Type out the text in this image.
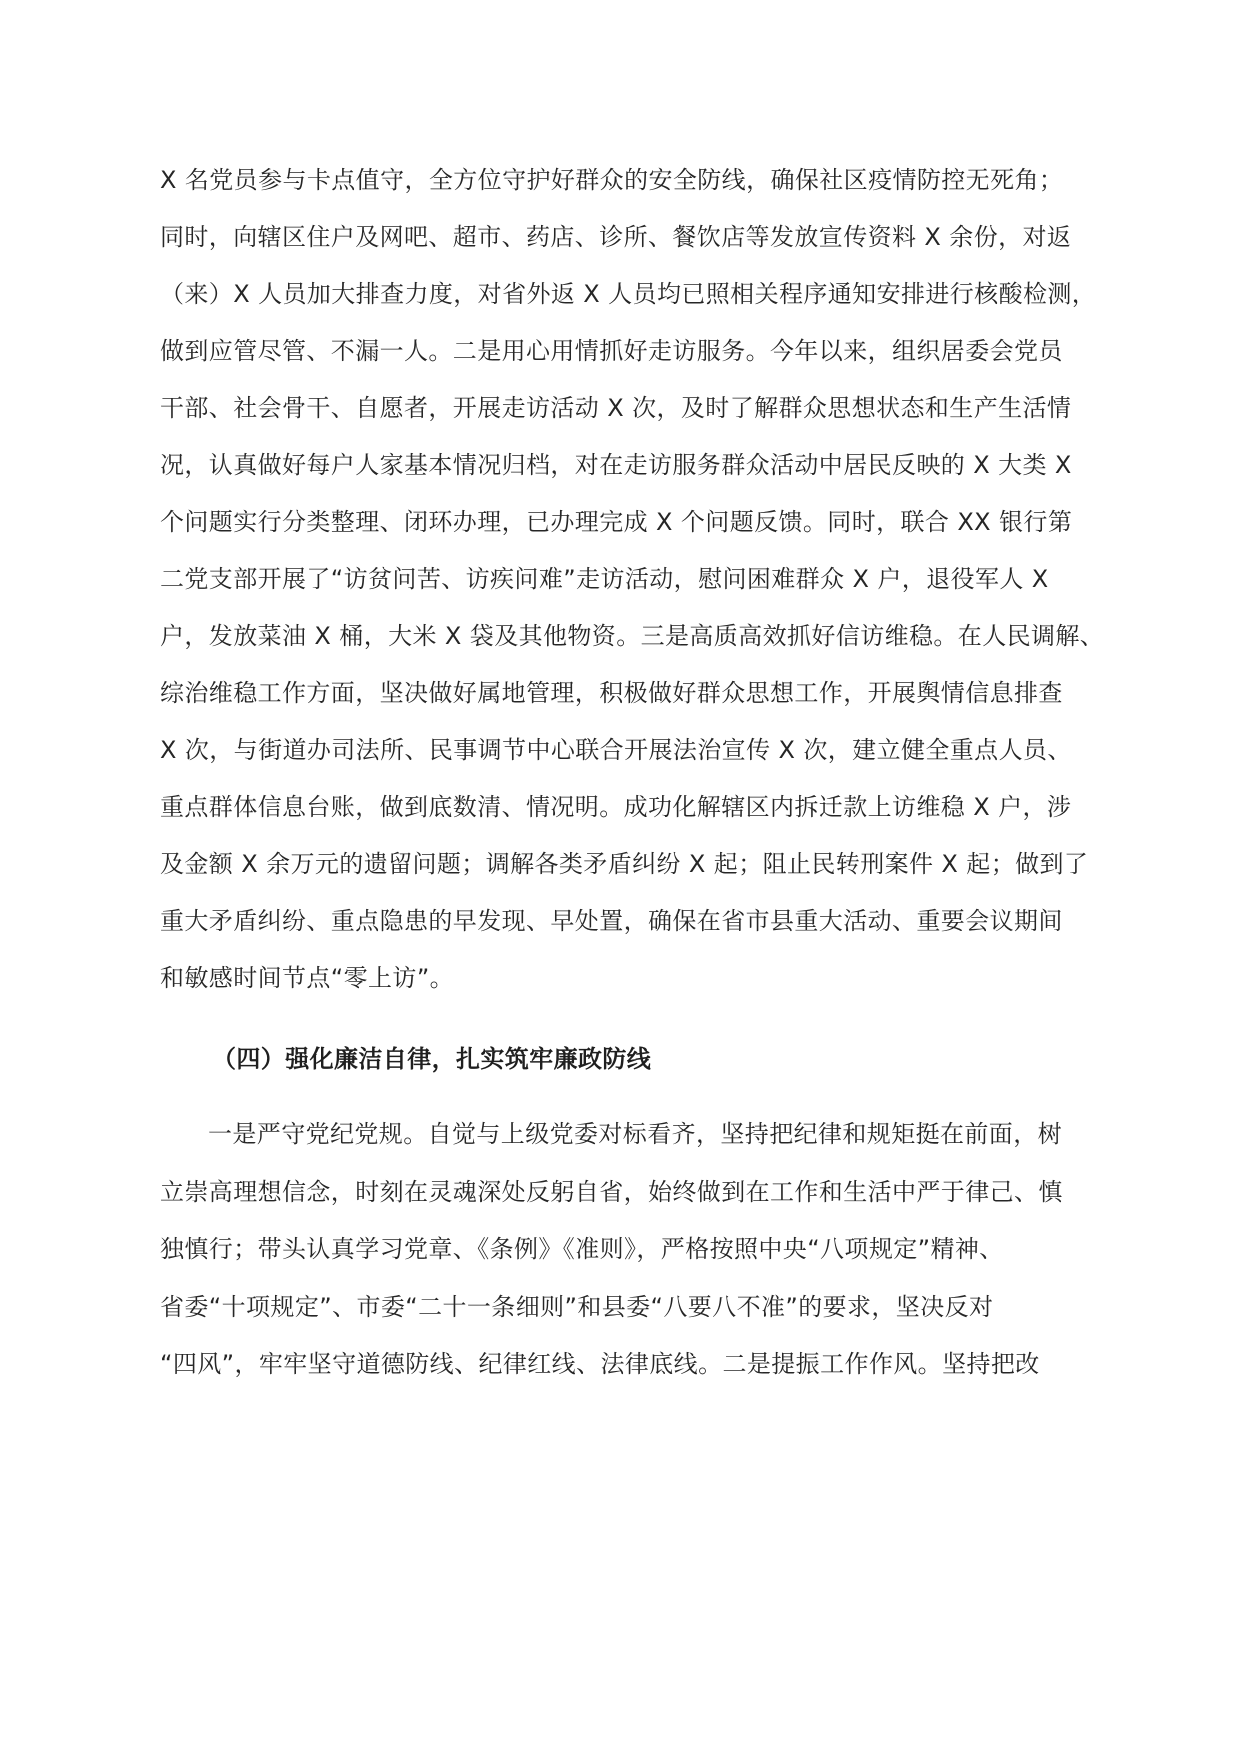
X 名党员参与卡点值守，全方位守护好群众的安全防线，确保社区疫情防控无死角；
同时，向辖区住户及网吧、超市、药店、诊所、餐饮店等发放宣传资料 X 余份，对返
（来）X 人员加大排查力度，对省外返 X 人员均已照相关程序通知安排进行核酸检测，
做到应管尽管、不漏一人。二是用心用情抓好走访服务。今年以来，组织居委会党员
干部、社会骨干、自愿者，开展走访活动 X 次，及时了解群众思想状态和生产生活情
况，认真做好每户人家基本情况归档，对在走访服务群众活动中居民反映的 X 大类 X
个问题实行分类整理、闭环办理，已办理完成 X 个问题反馈。同时，联合 XX 银行第
二党支部开展了“访贫问苦、访疾问难”走访活动，慰问困难群众 X 户，退役军人 X
户，发放菜油 X 桶，大米 X 袋及其他物资。三是高质高效抓好信访维稳。在人民调解、
综治维稳工作方面，坚决做好属地管理，积极做好群众思想工作，开展舆情信息排查
X 次，与街道办司法所、民事调节中心联合开展法治宣传 X 次，建立健全重点人员、
重点群体信息台账，做到底数清、情况明。成功化解辖区内拆迁款上访维稳 X 户，涉
及金额 X 余万元的遗留问题；调解各类矛盾纠纷 X 起；阻止民转刑案件 X 起；做到了
重大矛盾纠纷、重点隐患的早发现、早处置，确保在省市县重大活动、重要会议期间
和敏感时间节点“零上访”。
（四）强化廉洁自律，扎实筑牢廉政防线
一是严守党纪党规。自觉与上级党委对标看齐，坚持把纪律和规矩挺在前面，树
立崇高理想信念，时刻在灵魂深处反躬自省，始终做到在工作和生活中严于律己、慎
独慎行；带头认真学习党章、《条例》《准则》，严格按照中央“八项规定”精神、
省委“十项规定”、市委“二十一条细则”和县委“八要八不准”的要求，坚决反对
“四风”，牢牢坚守道德防线、纪律红线、法律底线。二是提振工作作风。坚持把改
